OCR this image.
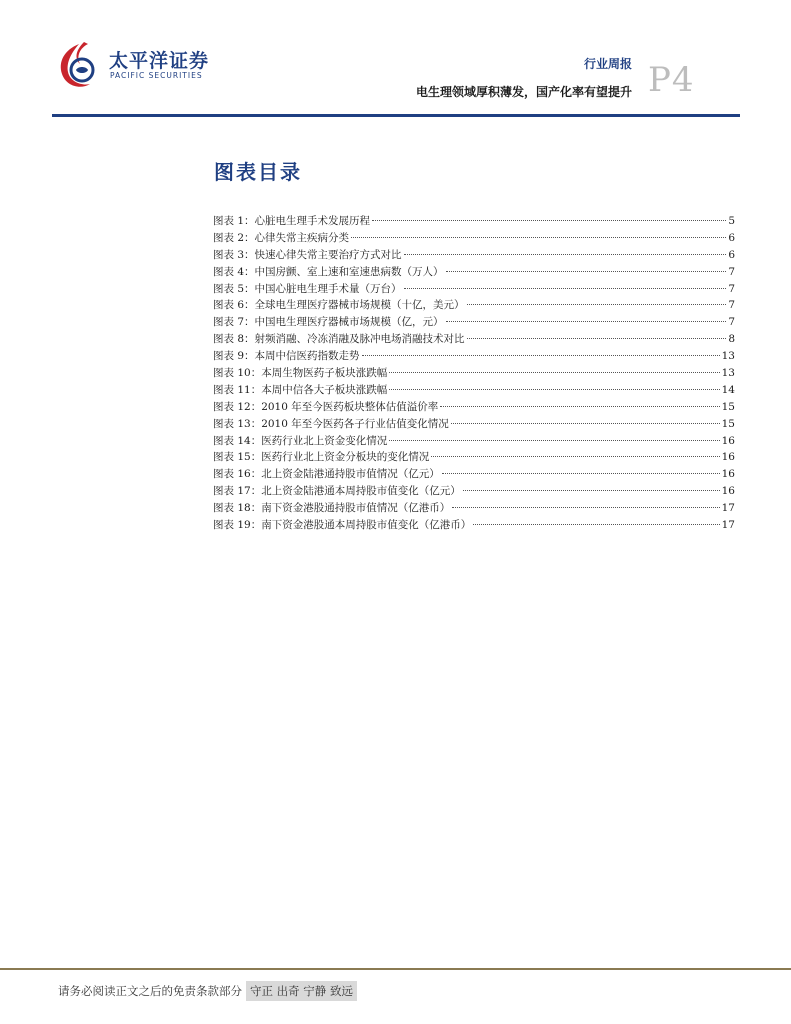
太平洋证券
PACIFIC SECURITIES
行业周报
电生理领域厚积薄发，国产化率有望提升 P4
图表目录
图表 1：心脏电生理手术发展历程	5
图表 2：心律失常主疾病分类	6
图表 3：快速心律失常主要治疗方式对比	6
图表 4：中国房颤、室上速和室速患病数（万人）	7
图表 5：中国心脏电生理手术量（万台）	7
图表 6：全球电生理医疗器械市场规模（十亿，美元）	7
图表 7：中国电生理医疗器械市场规模（亿，元）	7
图表 8：射频消融、冷冻消融及脉冲电场消融技术对比	8
图表 9：本周中信医药指数走势	13
图表 10：本周生物医药子板块涨跌幅	13
图表 11：本周中信各大子板块涨跌幅	14
图表 12：2010 年至今医药板块整体估值溢价率	15
图表 13：2010 年至今医药各子行业估值变化情况	15
图表 14：医药行业北上资金变化情况	16
图表 15：医药行业北上资金分板块的变化情况	16
图表 16：北上资金陆港通持股市值情况（亿元）	16
图表 17：北上资金陆港通本周持股市值变化（亿元）	16
图表 18：南下资金港股通持股市值情况（亿港币）	17
图表 19：南下资金港股通本周持股市值变化（亿港币）	17
请务必阅读正文之后的免责条款部分 守正 出奇 宁静 致远
